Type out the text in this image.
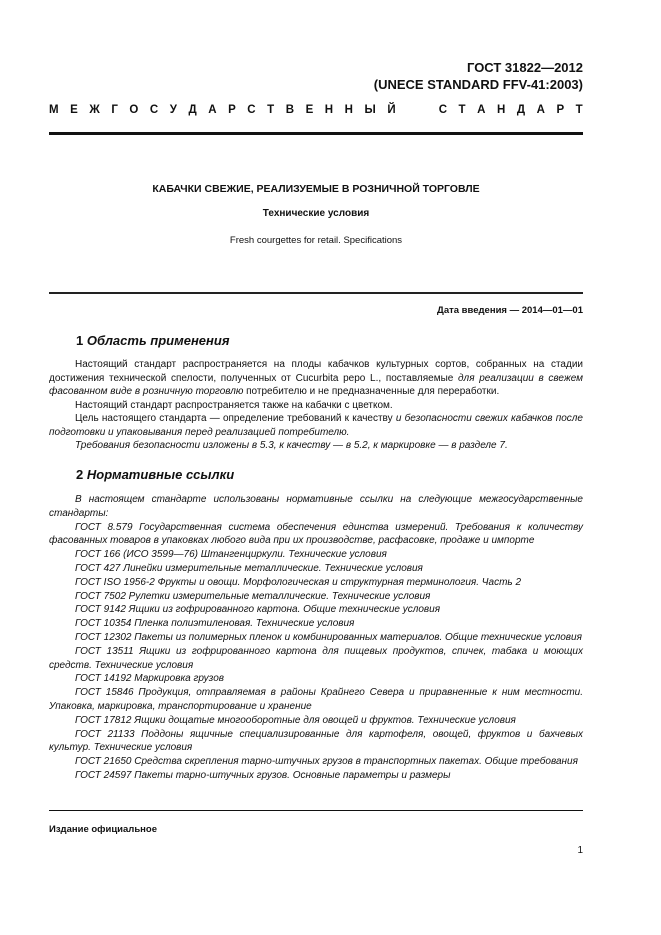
ГОСТ 31822—2012
(UNECE STANDARD FFV-41:2003)
М Е Ж Г О С У Д А Р С Т В Е Н Н Ы Й	С Т А Н Д А Р Т
КАБАЧКИ СВЕЖИЕ, РЕАЛИЗУЕМЫЕ В РОЗНИЧНОЙ ТОРГОВЛЕ
Технические условия
Fresh courgettes for retail. Specifications
Дата введения — 2014—01—01
1 Область применения
Настоящий стандарт распространяется на плоды кабачков культурных сортов, собранных на стадии достижения технической спелости, полученных от Cucurbita pepo L., поставляемые для реализации в свежем фасованном виде в розничную торговлю потребителю и не предназначенные для переработки.
Настоящий стандарт распространяется также на кабачки с цветком.
Цель настоящего стандарта — определение требований к качеству и безопасности свежих кабачков после подготовки и упаковывания перед реализацией потребителю.
Требования безопасности изложены в 5.3, к качеству — в 5.2, к маркировке — в разделе 7.
2 Нормативные ссылки
В настоящем стандарте использованы нормативные ссылки на следующие межгосударственные стандарты:
ГОСТ 8.579 Государственная система обеспечения единства измерений. Требования к количеству фасованных товаров в упаковках любого вида при их производстве, расфасовке, продаже и импорте
ГОСТ 166 (ИСО 3599—76) Штангенциркули. Технические условия
ГОСТ 427 Линейки измерительные металлические. Технические условия
ГОСТ ISO 1956-2 Фрукты и овощи. Морфологическая и структурная терминология. Часть 2
ГОСТ 7502 Рулетки измерительные металлические. Технические условия
ГОСТ 9142 Ящики из гофрированного картона. Общие технические условия
ГОСТ 10354 Пленка полиэтиленовая. Технические условия
ГОСТ 12302 Пакеты из полимерных пленок и комбинированных материалов. Общие технические условия
ГОСТ 13511 Ящики из гофрированного картона для пищевых продуктов, спичек, табака и моющих средств. Технические условия
ГОСТ 14192 Маркировка грузов
ГОСТ 15846 Продукция, отправляемая в районы Крайнего Севера и приравненные к ним местности. Упаковка, маркировка, транспортирование и хранение
ГОСТ 17812 Ящики дощатые многооборотные для овощей и фруктов. Технические условия
ГОСТ 21133 Поддоны ящичные специализированные для картофеля, овощей, фруктов и бахчевых культур. Технические условия
ГОСТ 21650 Средства скрепления тарно-штучных грузов в транспортных пакетах. Общие требования
ГОСТ 24597 Пакеты тарно-штучных грузов. Основные параметры и размеры
Издание официальное
1
